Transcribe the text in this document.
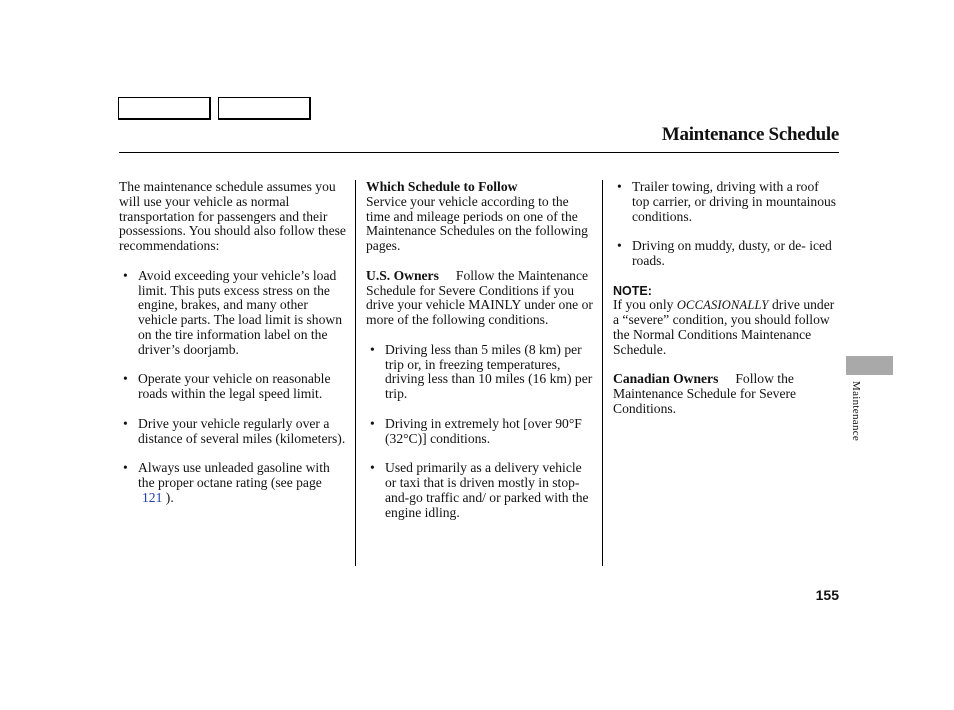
Maintenance Schedule

The maintenance schedule assumes you will use your vehicle as normal transportation for passengers and their possessions. You should also follow these recommendations:

• Avoid exceeding your vehicle’s load limit. This puts excess stress on the engine, brakes, and many other vehicle parts. The load limit is shown on the tire information label on the driver’s doorjamb.
• Operate your vehicle on reasonable roads within the legal speed limit.
• Drive your vehicle regularly over a distance of several miles (kilometers).
• Always use unleaded gasoline with the proper octane rating (see page
121 ).

Which Schedule to Follow

Service your vehicle according to the time and mileage periods on one of the Maintenance Schedules on the following pages.

U.S. Owners Follow the Maintenance Schedule for Severe Conditions if you drive your vehicle MAINLY under one or more of the following conditions.

• Driving less than 5 miles (8 km) per trip or, in freezing temperatures, driving less than 10 miles (16 km) per trip.
• Driving in extremely hot [over 90°F (32°C)] conditions.
• Used primarily as a delivery vehicle or taxi that is driven mostly in stop-and-go traffic and/ or parked with the engine idling.
• Trailer towing, driving with a roof top carrier, or driving in mountainous conditions.
• Driving on muddy, dusty, or de- iced roads.

NOTE:

If you only OCCASIONALLY drive under a “severe” condition, you should follow the Normal Conditions Maintenance Schedule.

Canadian Owners Follow the Maintenance Schedule for Severe Conditions.	Maintenance
155
